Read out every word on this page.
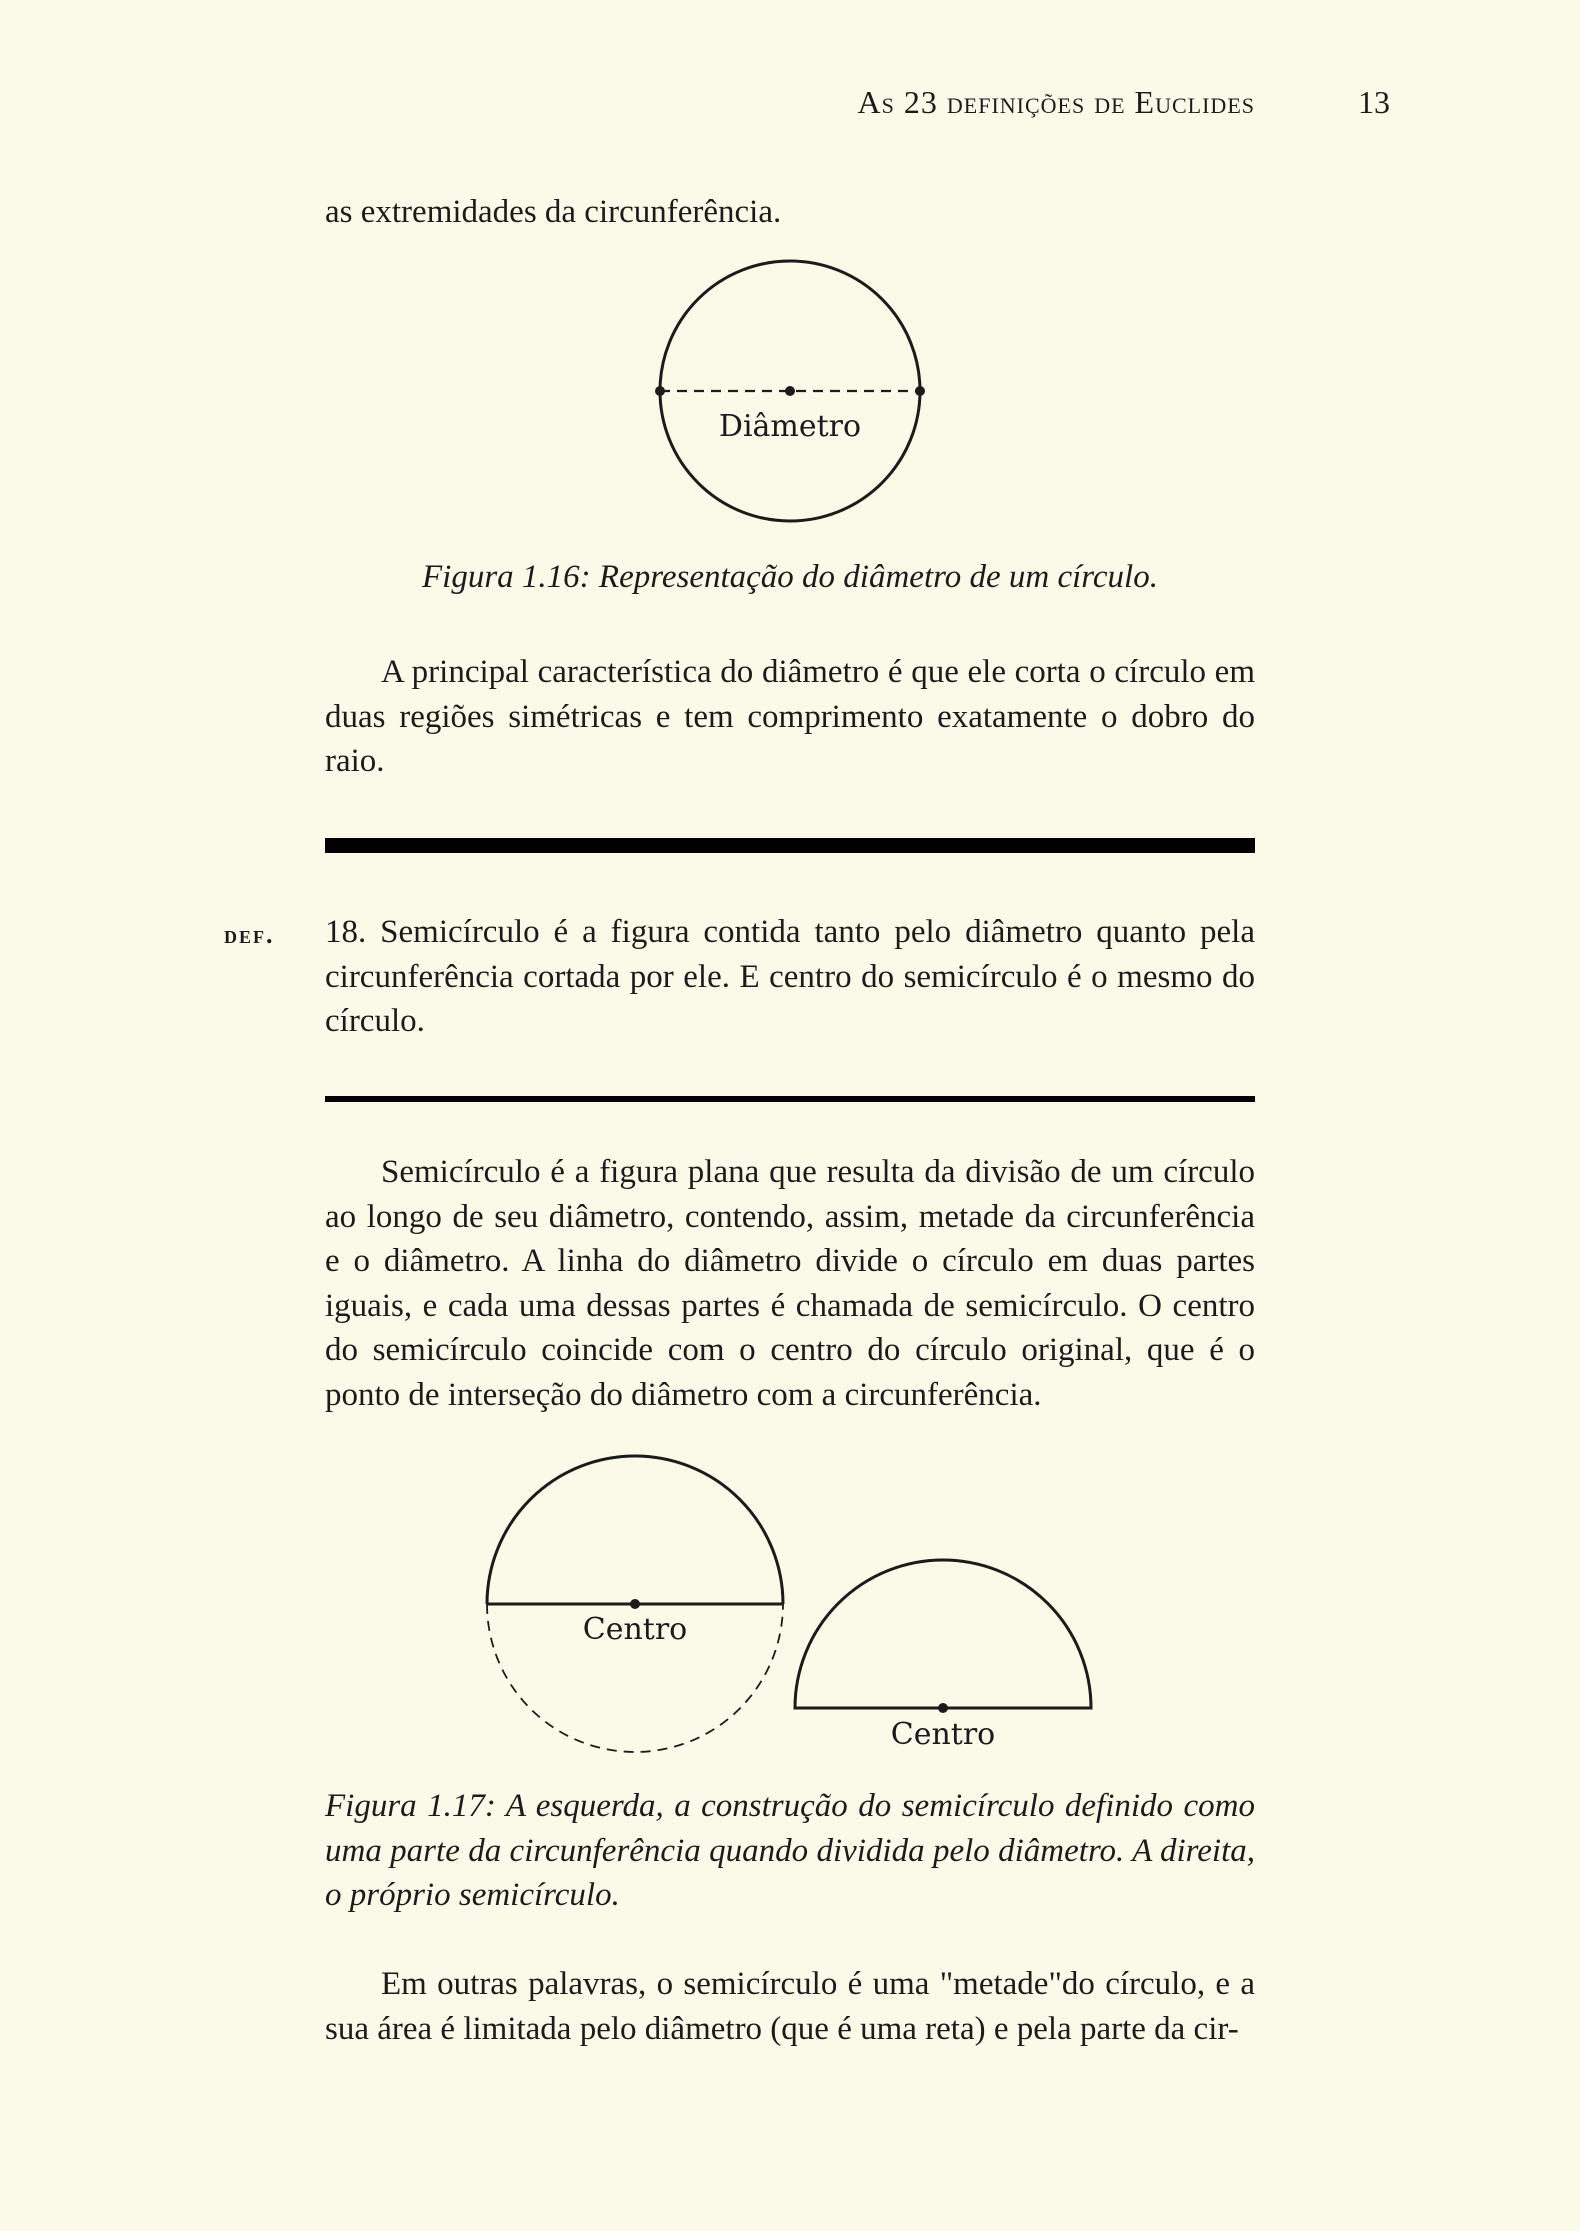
As 23 definições de Euclides	13

as extremidades da circunferência.

Diâmetro

Figura 1.16: Representação do diâmetro de um círculo.

A principal característica do diâmetro é que ele corta o círculo em duas regiões simétricas e tem comprimento exatamente o dobro do raio.

def. 18. Semicírculo é a figura contida tanto pelo diâmetro quanto pela circunferência cortada por ele. E centro do semicírculo é o mesmo do círculo.

Semicírculo é a figura plana que resulta da divisão de um círculo ao longo de seu diâmetro, contendo, assim, metade da circunferência e o diâmetro. A linha do diâmetro divide o círculo em duas partes iguais, e cada uma dessas partes é chamada de semicírculo. O centro do semicírculo coincide com o centro do círculo original, que é o ponto de interseção do diâmetro com a circunferência.

Centro
Centro

Figura 1.17: A esquerda, a construção do semicírculo definido como uma parte da circunferência quando dividida pelo diâmetro. A direita, o próprio semicírculo.

Em outras palavras, o semicírculo é uma "metade"do círculo, e a sua área é limitada pelo diâmetro (que é uma reta) e pela parte da cir-
